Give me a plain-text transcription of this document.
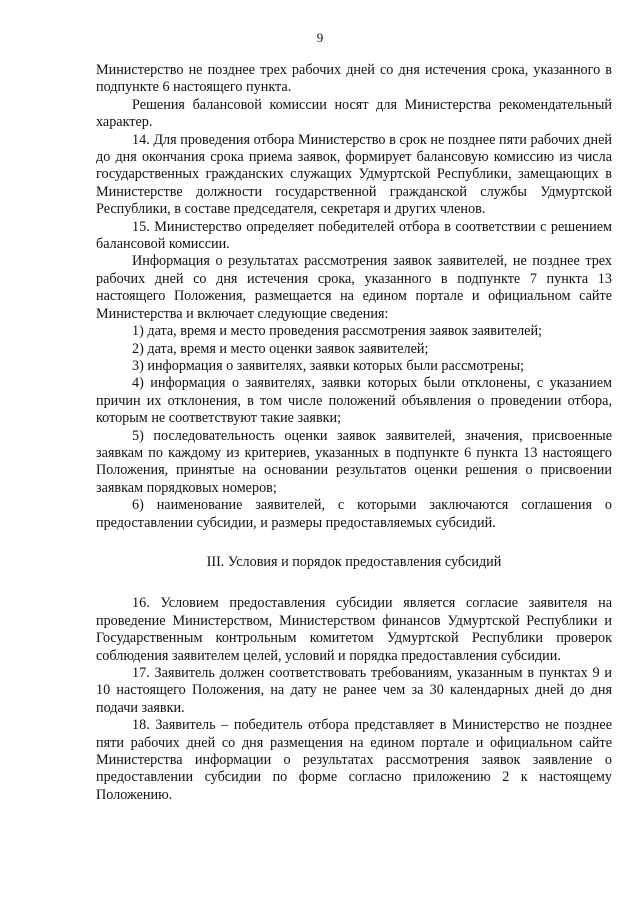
9

Министерство не позднее трех рабочих дней со дня истечения срока, указанного в подпункте 6 настоящего пункта.

Решения балансовой комиссии носят для Министерства рекомендательный характер.

14. Для проведения отбора Министерство в срок не позднее пяти рабочих дней до дня окончания срока приема заявок, формирует балансовую комиссию из числа государственных гражданских служащих Удмуртской Республики, замещающих в Министерстве должности государственной гражданской службы Удмуртской Республики, в составе председателя, секретаря и других членов.

15. Министерство определяет победителей отбора в соответствии с решением балансовой комиссии.

Информация о результатах рассмотрения заявок заявителей, не позднее трех рабочих дней со дня истечения срока, указанного в подпункте 7 пункта 13 настоящего Положения, размещается на едином портале и официальном сайте Министерства и включает следующие сведения:

1) дата, время и место проведения рассмотрения заявок заявителей;

2) дата, время и место оценки заявок заявителей;

3) информация о заявителях, заявки которых были рассмотрены;

4) информация о заявителях, заявки которых были отклонены, с указанием причин их отклонения, в том числе положений объявления о проведении отбора, которым не соответствуют такие заявки;

5) последовательность оценки заявок заявителей, значения, присвоенные заявкам по каждому из критериев, указанных в подпункте 6 пункта 13 настоящего Положения, принятые на основании результатов оценки решения о присвоении заявкам порядковых номеров;

6) наименование заявителей, с которыми заключаются соглашения о предоставлении субсидии, и размеры предоставляемых субсидий.

III. Условия и порядок предоставления субсидий

16. Условием предоставления субсидии является согласие заявителя на проведение Министерством, Министерством финансов Удмуртской Республики и Государственным контрольным комитетом Удмуртской Республики проверок соблюдения заявителем целей, условий и порядка предоставления субсидии.

17. Заявитель должен соответствовать требованиям, указанным в пунктах 9 и 10 настоящего Положения, на дату не ранее чем за 30 календарных дней до дня подачи заявки.

18. Заявитель – победитель отбора представляет в Министерство не позднее пяти рабочих дней со дня размещения на едином портале и официальном сайте Министерства информации о результатах рассмотрения заявок заявление о предоставлении субсидии по форме согласно приложению 2 к настоящему Положению.
